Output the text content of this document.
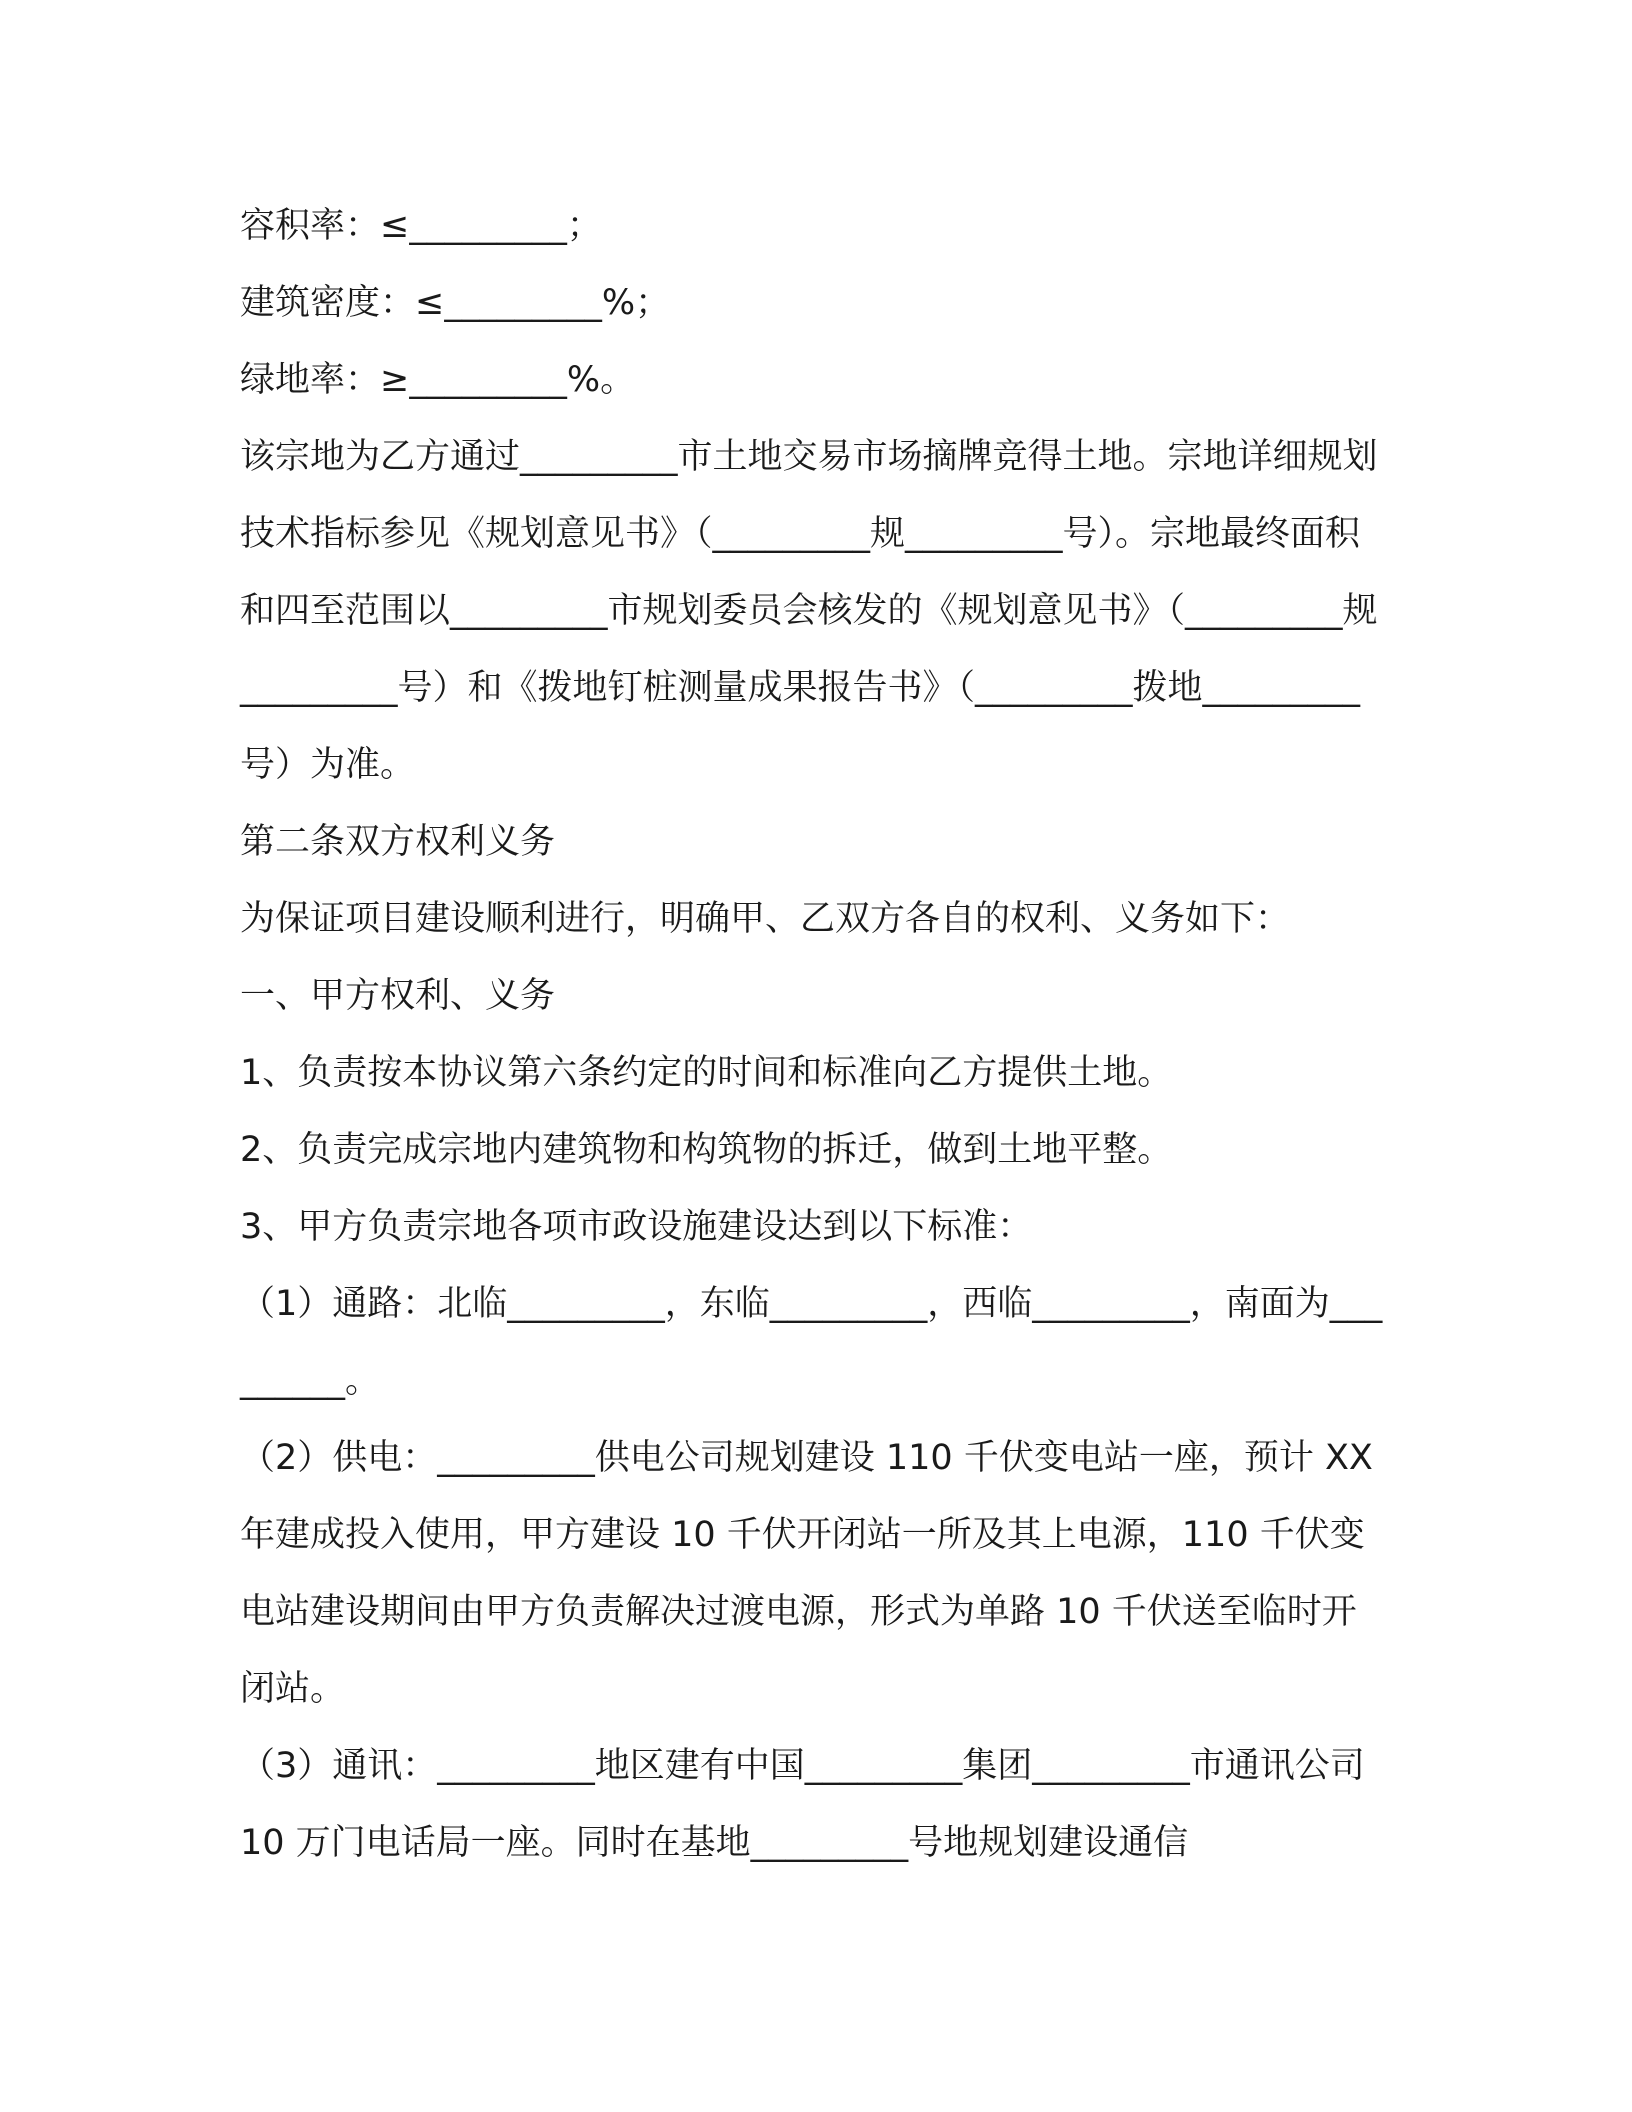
容积率：≤_________；

建筑密度：≤_________%；

绿地率：≥_________%。

该宗地为乙方通过_________市土地交易市场摘牌竞得土地。宗地详细规划技术指标参见《规划意见书》（_________规_________号）。宗地最终面积和四至范围以_________市规划委员会核发的《规划意见书》（_________规_________号）和《拨地钉桩测量成果报告书》（_________拨地_________号）为准。

第二条双方权利义务

为保证项目建设顺利进行，明确甲、乙双方各自的权利、义务如下：

一、甲方权利、义务

1、负责按本协议第六条约定的时间和标准向乙方提供土地。

2、负责完成宗地内建筑物和构筑物的拆迁，做到土地平整。

3、甲方负责宗地各项市政设施建设达到以下标准：

（1）通路：北临_________，东临_________，西临_________，南面为_________。

（2）供电：_________供电公司规划建设 110 千伏变电站一座，预计 XX 年建成投入使用，甲方建设 10 千伏开闭站一所及其上电源，110 千伏变电站建设期间由甲方负责解决过渡电源，形式为单路 10 千伏送至临时开闭站。

（3）通讯：_________地区建有中国_________集团_________市通讯公司 10 万门电话局一座。同时在基地_________号地规划建设通信
